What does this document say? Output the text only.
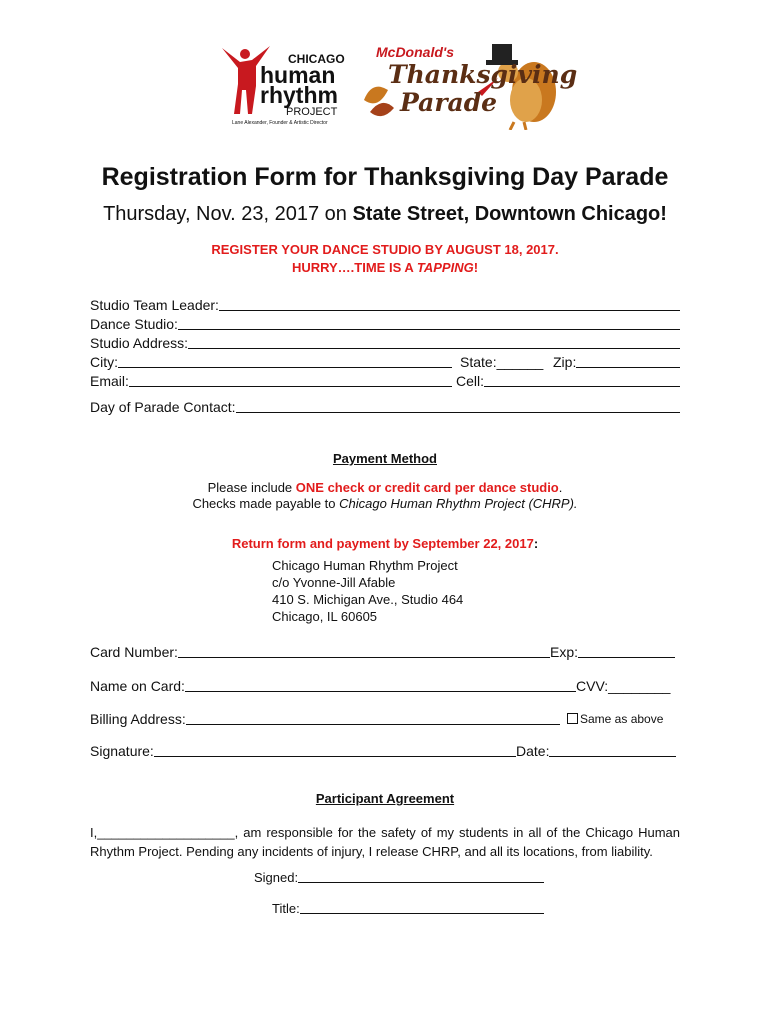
CHICAGO
human
rhythm
PROJECT
Lane Alexander, Founder & Artistic Director
McDonald's
Thanksgiving
Parade
Registration Form for Thanksgiving Day Parade
Thursday, Nov. 23, 2017 on State Street, Downtown Chicago!
REGISTER YOUR DANCE STUDIO BY AUGUST 18, 2017.
HURRY….TIME IS A TAPPING!
Studio Team Leader:
Dance Studio:
Studio Address:
City:	State:______ Zip:
Email:	Cell:
Day of Parade Contact:
Payment Method
Please include ONE check or credit card per dance studio.
Checks made payable to Chicago Human Rhythm Project (CHRP).
Return form and payment by September 22, 2017:
Chicago Human Rhythm Project
c/o Yvonne-Jill Afable
410 S. Michigan Ave., Studio 464
Chicago, IL 60605
Card Number:	Exp:
Name on Card:	CVV:________
Billing Address:	Same as above
Signature:	Date:
Participant Agreement
I,___________________, am responsible for the safety of my students in all of the Chicago Human Rhythm Project. Pending any incidents of injury, I release CHRP, and all its locations, from liability.
Signed:
Title:
